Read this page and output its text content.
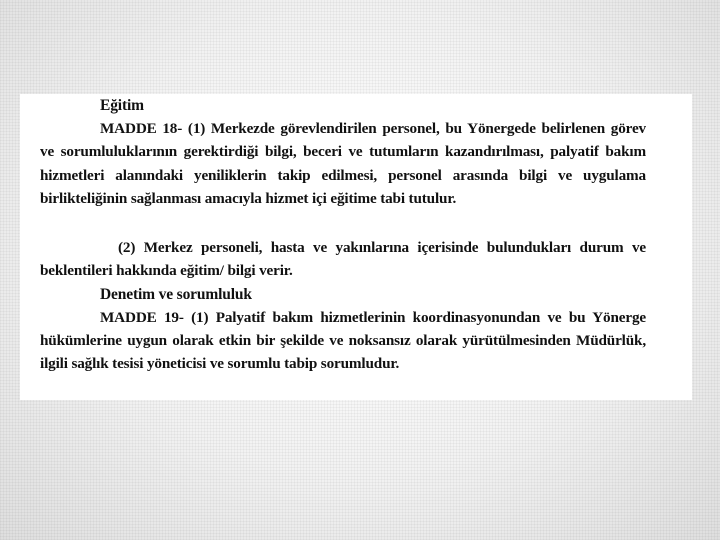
Eğitim
MADDE 18- (1) Merkezde görevlendirilen personel, bu Yönergede belirlenen görev
ve sorumluluklarının gerektirdiği bilgi, beceri ve tutumların kazandırılması, palyatif bakım
hizmetleri alanındaki yeniliklerin takip edilmesi, personel arasında bilgi ve uygulama
birlikteliğinin sağlanması amacıyla hizmet içi eğitime tabi tutulur.
(2) Merkez personeli, hasta ve yakınlarına içerisinde bulundukları durum ve
beklentileri hakkında eğitim/ bilgi verir.
Denetim ve sorumluluk
MADDE 19- (1) Palyatif bakım hizmetlerinin koordinasyonundan ve bu Yönerge
hükümlerine uygun olarak etkin bir şekilde ve noksansız olarak yürütülmesinden Müdürlük,
ilgili sağlık tesisi yöneticisi ve sorumlu tabip sorumludur.
